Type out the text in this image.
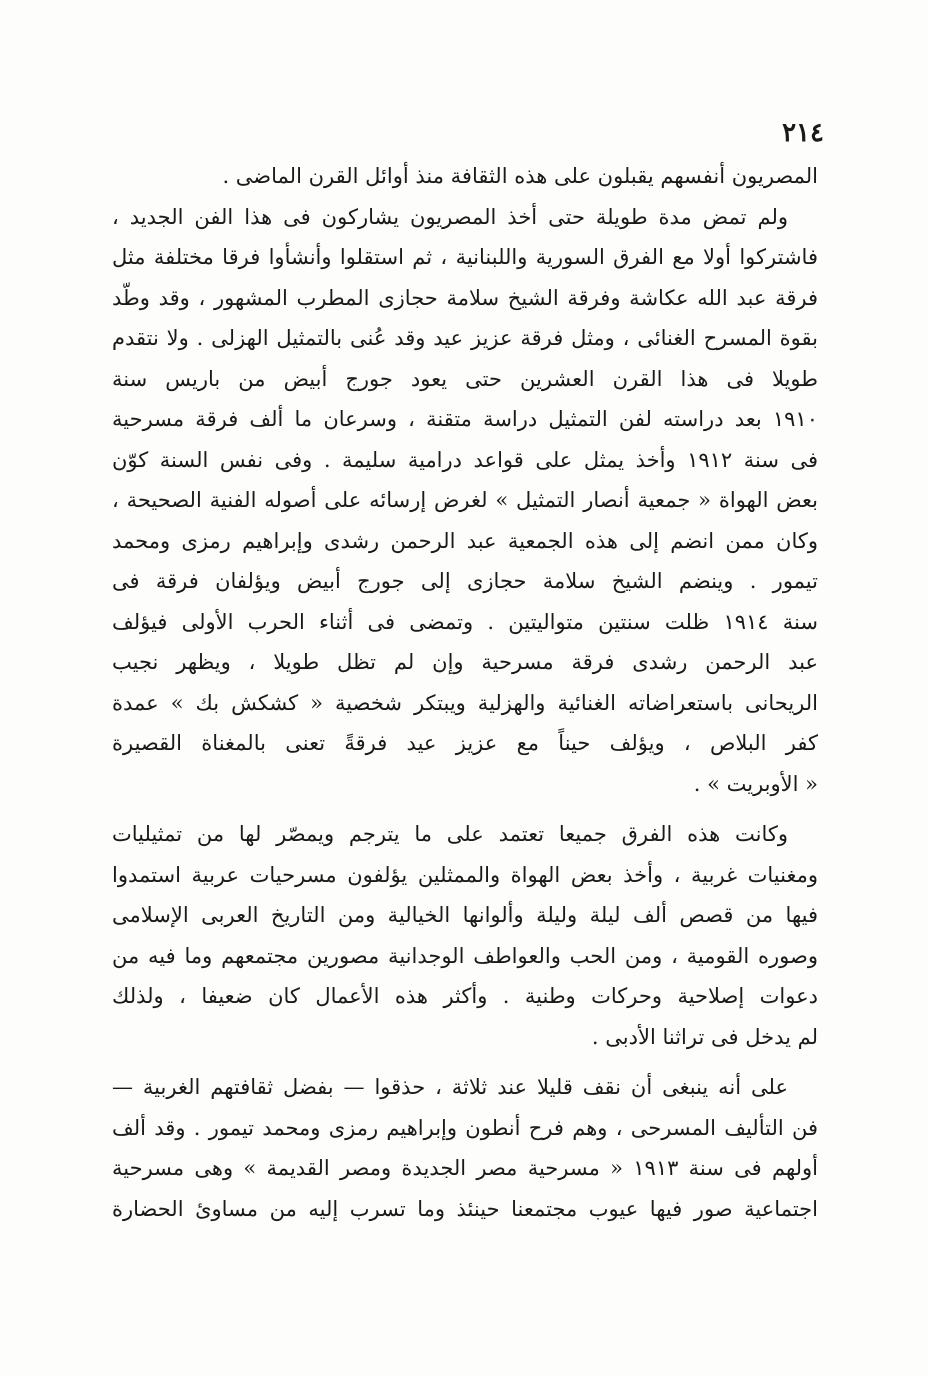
٢١٤
المصريون أنفسهم يقبلون على هذه الثقافة منذ أوائل القرن الماضى .
ولم تمض مدة طويلة حتى أخذ المصريون يشاركون فى هذا الفن الجديد ،
فاشتركوا أولا مع الفرق السورية واللبنانية ، ثم استقلوا وأنشأوا فرقا مختلفة مثل
فرقة عبد الله عكاشة وفرقة الشيخ سلامة حجازى المطرب المشهور ، وقد وطّد
بقوة المسرح الغنائى ، ومثل فرقة عزيز عيد وقد عُنى بالتمثيل الهزلى . ولا نتقدم
طويلا فى هذا القرن العشرين حتى يعود جورج أبيض من باريس سنة
١٩١٠ بعد دراسته لفن التمثيل دراسة متقنة ، وسرعان ما ألف فرقة مسرحية
فى سنة ١٩١٢ وأخذ يمثل على قواعد درامية سليمة . وفى نفس السنة كوّن
بعض الهواة « جمعية أنصار التمثيل » لغرض إرسائه على أصوله الفنية الصحيحة ،
وكان ممن انضم إلى هذه الجمعية عبد الرحمن رشدى وإبراهيم رمزى ومحمد
تيمور . وينضم الشيخ سلامة حجازى إلى جورج أبيض ويؤلفان فرقة فى
سنة ١٩١٤ ظلت سنتين متواليتين . وتمضى فى أثناء الحرب الأولى فيؤلف
عبد الرحمن رشدى فرقة مسرحية وإن لم تظل طويلا ، ويظهر نجيب
الريحانى باستعراضاته الغنائية والهزلية ويبتكر شخصية « كشكش بك » عمدة
كفر البلاص ، ويؤلف حيناً مع عزيز عيد فرقةً تعنى بالمغناة القصيرة
« الأوبريت » .
وكانت هذه الفرق جميعا تعتمد على ما يترجم ويمصّر لها من تمثيليات
ومغنيات غربية ، وأخذ بعض الهواة والممثلين يؤلفون مسرحيات عربية استمدوا
فيها من قصص ألف ليلة وليلة وألوانها الخيالية ومن التاريخ العربى الإسلامى
وصوره القومية ، ومن الحب والعواطف الوجدانية مصورين مجتمعهم وما فيه من
دعوات إصلاحية وحركات وطنية . وأكثر هذه الأعمال كان ضعيفا ، ولذلك
لم يدخل فى تراثنا الأدبى .
على أنه ينبغى أن نقف قليلا عند ثلاثة ، حذقوا — بفضل ثقافتهم الغربية —
فن التأليف المسرحى ، وهم فرح أنطون وإبراهيم رمزى ومحمد تيمور . وقد ألف
أولهم فى سنة ١٩١٣ « مسرحية مصر الجديدة ومصر القديمة » وهى مسرحية
اجتماعية صور فيها عيوب مجتمعنا حينئذ وما تسرب إليه من مساوئ الحضارة
